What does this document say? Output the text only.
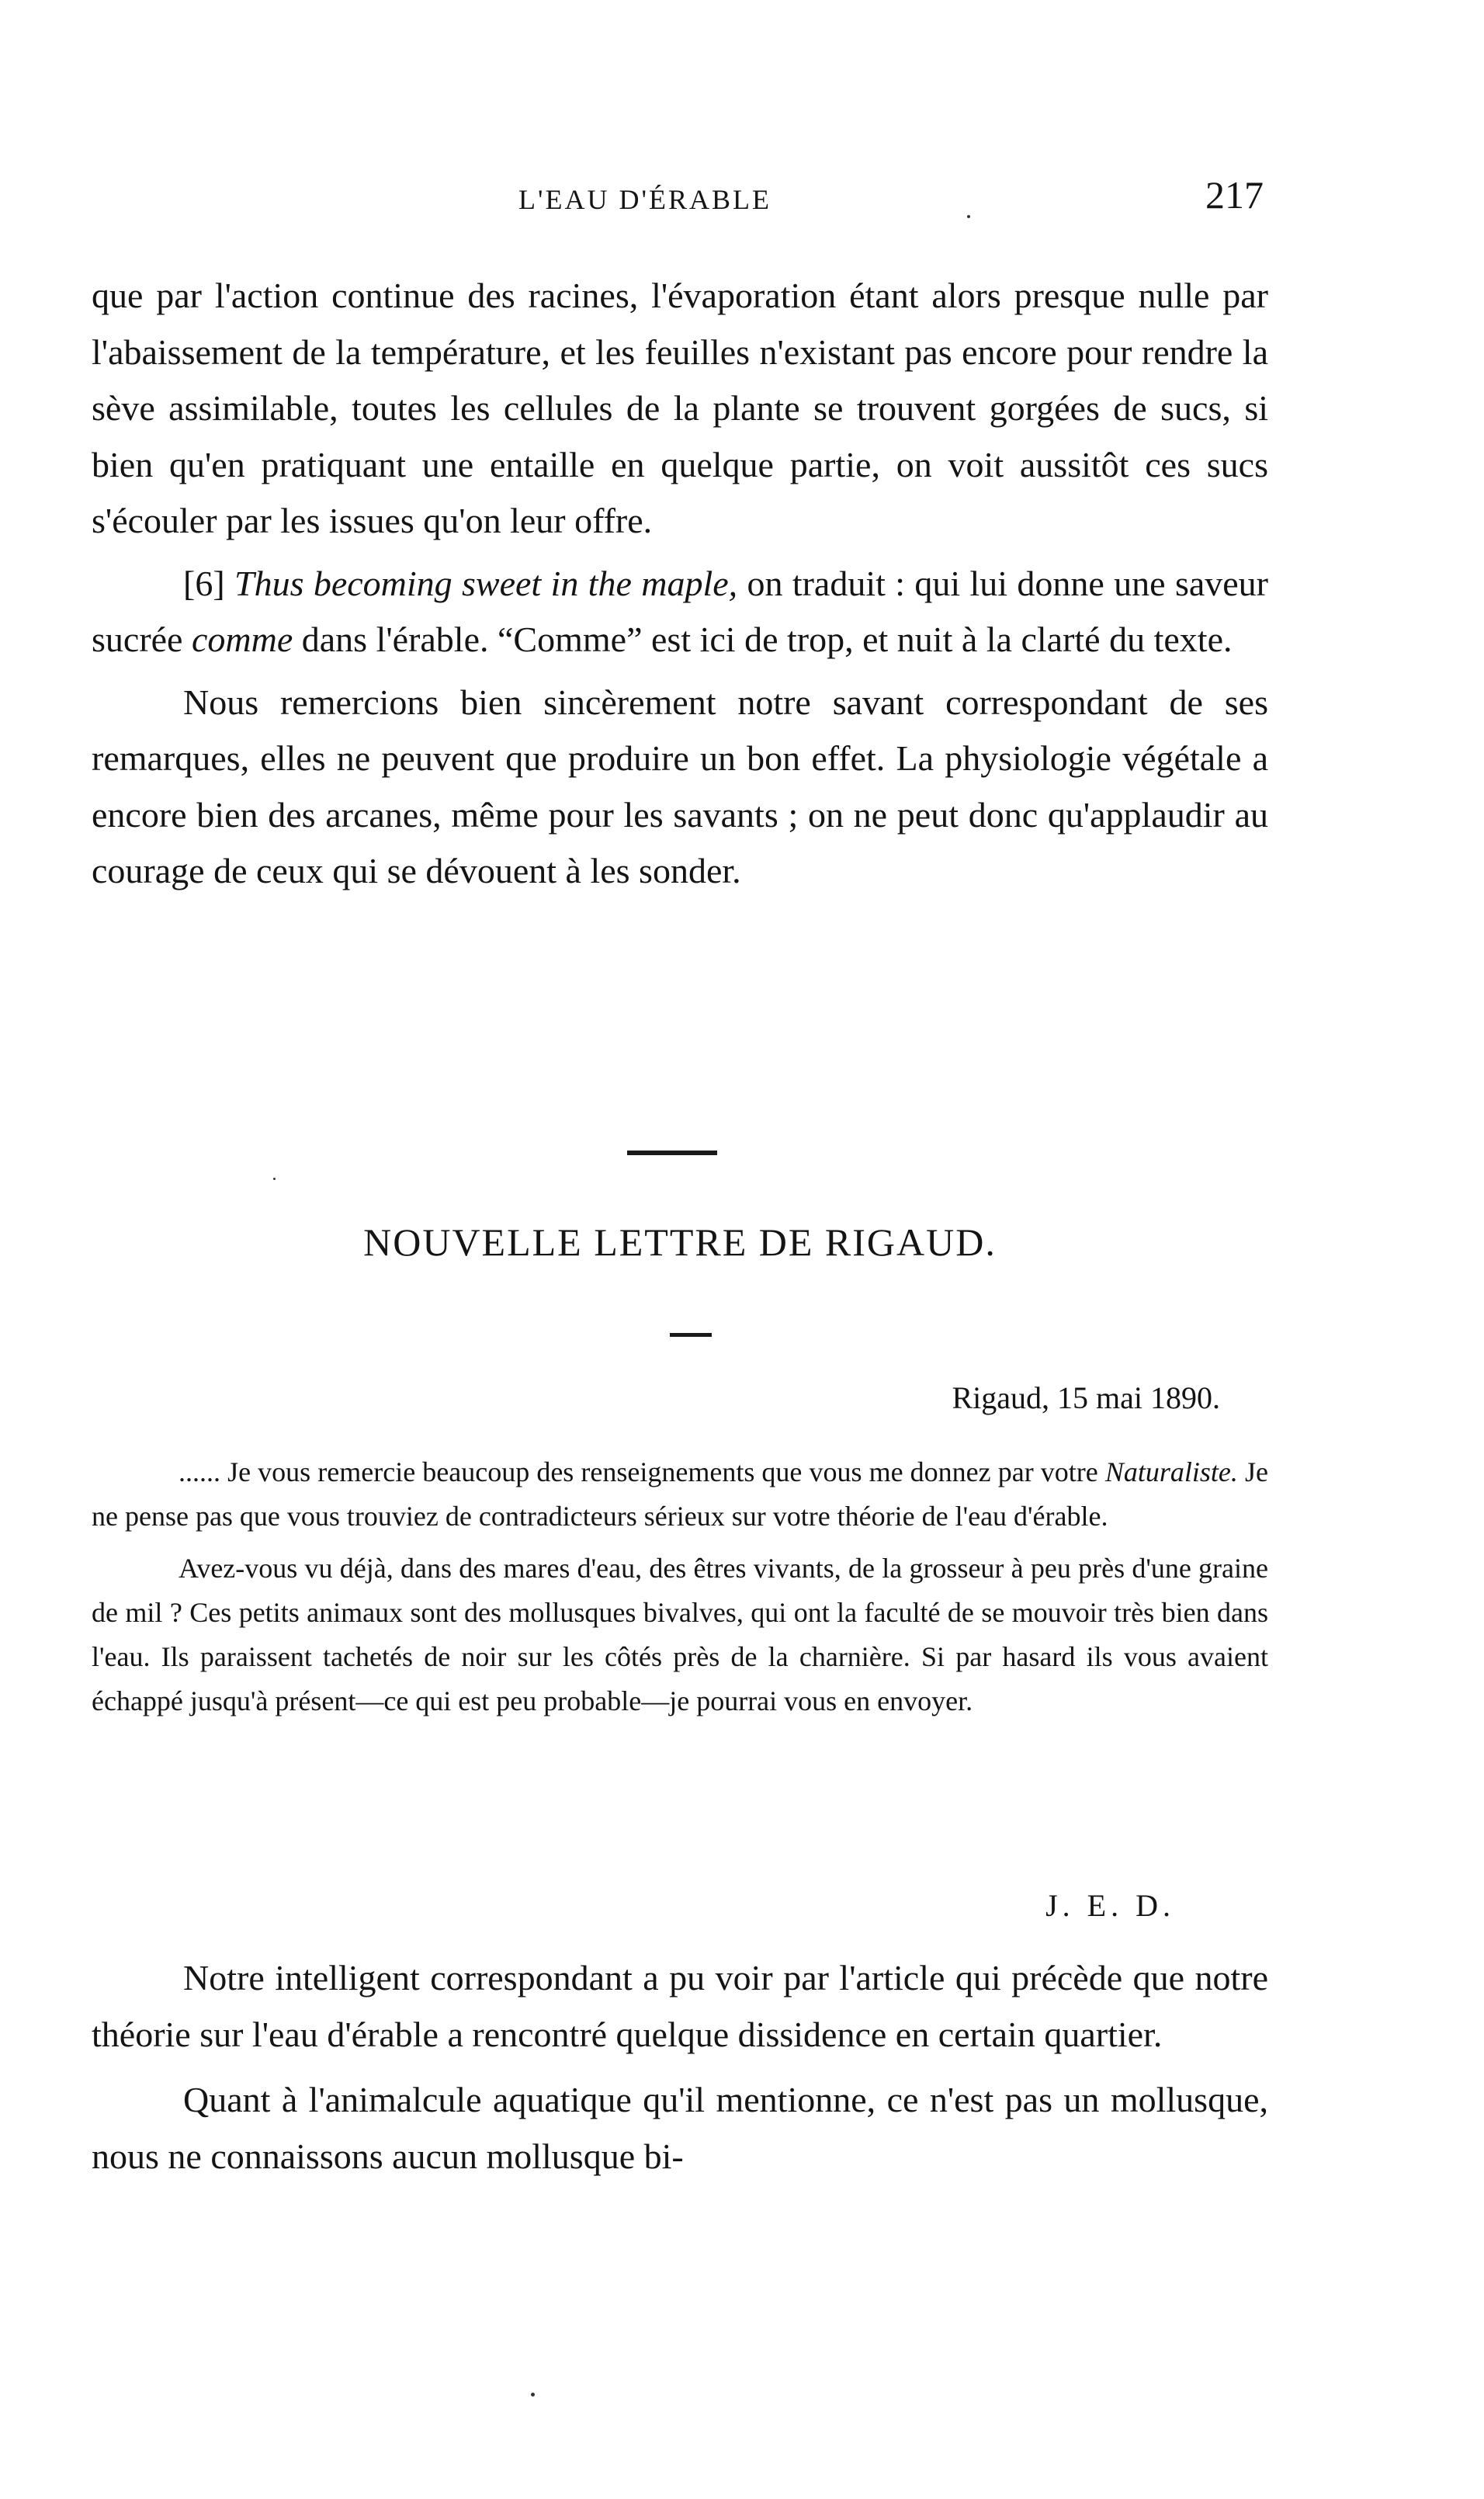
L'EAU D'ÉRABLE	217

que par l'action continue des racines, l'évaporation étant alors presque nulle par l'abaissement de la température, et les feuilles n'existant pas encore pour rendre la sève assimilable, toutes les cellules de la plante se trouvent gorgées de sucs, si bien qu'en pratiquant une entaille en quelque partie, on voit aussitôt ces sucs s'écouler par les issues qu'on leur offre.

[6] Thus becoming sweet in the maple, on traduit : qui lui donne une saveur sucrée comme dans l'érable. “Comme” est ici de trop, et nuit à la clarté du texte.

Nous remercions bien sincèrement notre savant correspondant de ses remarques, elles ne peuvent que produire un bon effet. La physiologie végétale a encore bien des arcanes, même pour les savants ; on ne peut donc qu'applaudir au courage de ceux qui se dévouent à les sonder.

NOUVELLE LETTRE DE RIGAUD.
Rigaud, 15 mai 1890.

...... Je vous remercie beaucoup des renseignements que vous me donnez par votre Naturaliste. Je ne pense pas que vous trouviez de contradicteurs sérieux sur votre théorie de l'eau d'érable.

Avez-vous vu déjà, dans des mares d'eau, des êtres vivants, de la grosseur à peu près d'une graine de mil ? Ces petits animaux sont des mollusques bivalves, qui ont la faculté de se mouvoir très bien dans l'eau. Ils paraissent tachetés de noir sur les côtés près de la charnière. Si par hasard ils vous avaient échappé jusqu'à présent—ce qui est peu probable—je pourrai vous en envoyer.

J. E. D.

Notre intelligent correspondant a pu voir par l'article qui précède que notre théorie sur l'eau d'érable a rencontré quelque dissidence en certain quartier.

Quant à l'animalcule aquatique qu'il mentionne, ce n'est pas un mollusque, nous ne connaissons aucun mollusque bi-
